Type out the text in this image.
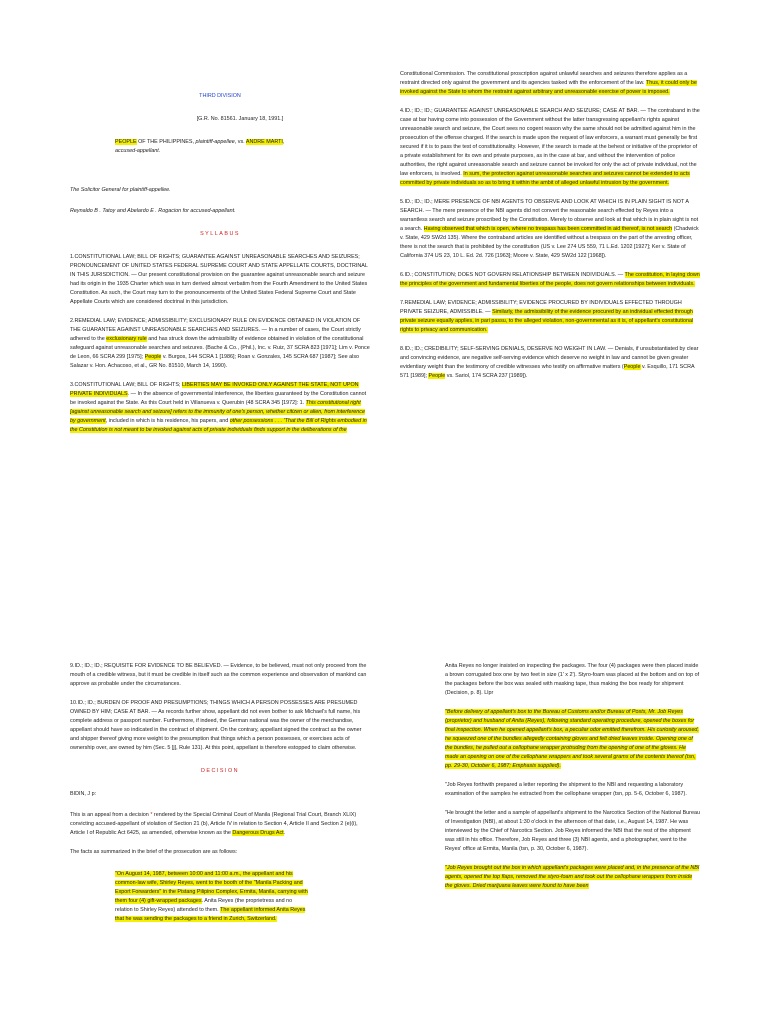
THIRD DIVISION

[G.R. No. 81561. January 18, 1991.]

PEOPLE OF THE PHILIPPINES, plaintiff-appellee, vs. ANDRE MARTI, accused-appellant.

The Solicitor General for plaintiff-appellee.

Reynaldo B . Tatoy and Abelardo E . Rogacion for accused-appellant.

SYLLABUS

1.CONSTITUTIONAL LAW; BILL OF RIGHTS; GUARANTEE AGAINST UNREASONABLE SEARCHES AND SEIZURES; PRONOUNCEMENT OF UNITED STATES FEDERAL SUPREME COURT AND STATE APPELLATE COURTS, DOCTRINAL IN THIS JURISDICTION. — Our present constitutional provision on the guarantee against unreasonable search and seizure had its origin in the 1935 Charter which was in turn derived almost verbatim from the Fourth Amendment to the United States Constitution. As such, the Court may turn to the pronouncements of the United States Federal Supreme Court and State Appellate Courts which are considered doctrinal in this jurisdiction.

2.REMEDIAL LAW; EVIDENCE; ADMISSIBILITY; EXCLUSIONARY RULE ON EVIDENCE OBTAINED IN VIOLATION OF THE GUARANTEE AGAINST UNREASONABLE SEARCHES AND SEIZURES. — In a number of cases, the Court strictly adhered to the exclusionary rule and has struck down the admissibility of evidence obtained in violation of the constitutional safeguard against unreasonable searches and seizures. (Bache & Co., (Phil.), Inc. v. Ruiz, 37 SCRA 823 [1971]; Lim v. Ponce de Leon, 66 SCRA 299 [1975]; People v. Burgos, 144 SCRA 1 [1986]; Roan v. Gonzales, 145 SCRA 687 [1987]; See also Salazar v. Hon. Achacoso, et al., GR No. 81510, March 14, 1990).

3.CONSTITUTIONAL LAW; BILL OF RIGHTS; LIBERTIES MAY BE INVOKED ONLY AGAINST THE STATE, NOT UPON PRIVATE INDIVIDUALS. — In the absence of governmental interference, the liberties guaranteed by the Constitution cannot be invoked against the State. As this Court held in Villanueva v. Querubin (48 SCRA 345 [1972]: 1. This constitutional right [against unreasonable search and seizure] refers to the immunity of one's person, whether citizen or alien, from interference by government, included in which is his residence, his papers, and other possessions . . . 'That the Bill of Rights embodied in the Constitution is not meant to be invoked against acts of private individuals finds support in the deliberations of the

Constitutional Commission. The constitutional proscription against unlawful searches and seizures therefore applies as a restraint directed only against the government and its agencies tasked with the enforcement of the law. Thus, it could only be invoked against the State to whom the restraint against arbitrary and unreasonable exercise of power is imposed.

4.ID.; ID.; ID.; GUARANTEE AGAINST UNREASONABLE SEARCH AND SEIZURE; CASE AT BAR. — The contraband in the case at bar having come into possession of the Government without the latter transgressing appellant's rights against unreasonable search and seizure, the Court sees no cogent reason why the same should not be admitted against him in the prosecution of the offense charged. If the search is made upon the request of law enforcers, a warrant must generally be first secured if it is to pass the test of constitutionality. However, if the search is made at the behest or initiative of the proprietor of a private establishment for its own and private purposes, as in the case at bar, and without the intervention of police authorities, the right against unreasonable search and seizure cannot be invoked for only the act of private individual, not the law enforcers, is involved. In sum, the protection against unreasonable searches and seizures cannot be extended to acts committed by private individuals so as to bring it within the ambit of alleged unlawful intrusion by the government.

5.ID.; ID.; ID.; MERE PRESENCE OF NBI AGENTS TO OBSERVE AND LOOK AT WHICH IS IN PLAIN SIGHT IS NOT A SEARCH. — The mere presence of the NBI agents did not convert the reasonable search effected by Reyes into a warrantless search and seizure proscribed by the Constitution. Merely to observe and look at that which is in plain sight is not a search. Having observed that which is open, where no trespass has been committed in aid thereof, is not search (Chadwick v. State, 429 SW2d 135). Where the contraband articles are identified without a trespass on the part of the arresting officer, there is not the search that is prohibited by the constitution (US v. Lee 274 US 559, 71 L.Ed. 1202 [1927]; Ker v. State of California 374 US 23, 10 L. Ed. 2d. 726 [1963]; Moore v. State, 429 SW2d 122 [1968]).

6.ID.; CONSTITUTION; DOES NOT GOVERN RELATIONSHIP BETWEEN INDIVIDUALS. — The constitution, in laying down the principles of the government and fundamental liberties of the people, does not govern relationships between individuals.

7.REMEDIAL LAW; EVIDENCE; ADMISSIBILITY; EVIDENCE PROCURED BY INDIVIDUALS EFFECTED THROUGH PRIVATE SEIZURE, ADMISSIBLE. — Similarly, the admissibility of the evidence procured by an individual effected through private seizure equally applies, in pari passu, to the alleged violation, non-governmental as it is, of appellant's constitutional rights to privacy and communication.

8.ID.; ID.; CREDIBILITY; SELF-SERVING DENIALS, DESERVE NO WEIGHT IN LAW. — Denials, if unsubstantiated by clear and convincing evidence, are negative self-serving evidence which deserve no weight in law and cannot be given greater evidentiary weight than the testimony of credible witnesses who testify on affirmative matters (People v. Esquillo, 171 SCRA 571 [1989]; People vs. Sariol, 174 SCRA 237 [1989]).

9.ID.; ID.; ID.; REQUISITE FOR EVIDENCE TO BE BELIEVED. — Evidence, to be believed, must not only proceed from the mouth of a credible witness, but it must be credible in itself such as the common experience and observation of mankind can approve as probable under the circumstances.

10.ID.; ID.; BURDEN OF PROOF AND PRESUMPTIONS; THINGS WHICH A PERSON POSSESSES ARE PRESUMED OWNED BY HIM; CASE AT BAR. — As records further show, appellant did not even bother to ask Michael's full name, his complete address or passport number. Furthermore, if indeed, the German national was the owner of the merchandise, appellant should have so indicated in the contract of shipment. On the contrary, appellant signed the contract as the owner and shipper thereof giving more weight to the presumption that things which a person possesses, or exercises acts of ownership over, are owned by him (Sec. 5 [j], Rule 131). At this point, appellant is therefore estopped to claim otherwise.

DECISION

BIDIN, J p:

This is an appeal from a decision * rendered by the Special Criminal Court of Manila (Regional Trial Court, Branch XLIX) convicting accused-appellant of violation of Section 21 (b), Article IV in relation to Section 4, Article II and Section 2 (e)(i), Article I of Republic Act 6425, as amended, otherwise known as the Dangerous Drugs Act.

The facts as summarized in the brief of the prosecution are as follows:

"On August 14, 1987, between 10:00 and 11:00 a.m., the appellant and his common-law wife, Shirley Reyes, went to the booth of the "Manila Packing and Export Forwarders" in the Pistang Pilipino Complex, Ermita, Manila, carrying with them four (4) gift-wrapped packages. Anita Reyes (the proprietress and no relation to Shirley Reyes) attended to them. The appellant informed Anita Reyes that he was sending the packages to a friend in Zurich, Switzerland.

Anita Reyes no longer insisted on inspecting the packages. The four (4) packages were then placed inside a brown corrugated box one by two feet in size (1' x 2'). Styro-foam was placed at the bottom and on top of the packages before the box was sealed with masking tape, thus making the box ready for shipment (Decision, p. 8). Llpr

"Before delivery of appellant's box to the Bureau of Customs and/or Bureau of Posts, Mr. Job Reyes (proprietor) and husband of Anita (Reyes), following standard operating procedure, opened the boxes for final inspection. When he opened appellant's box, a peculiar odor emitted therefrom. His curiosity aroused, he squeezed one of the bundles allegedly containing gloves and felt dried leaves inside. Opening one of the bundles, he pulled out a cellophane wrapper protruding from the opening of one of the gloves. He made an opening on one of the cellophane wrappers and took several grams of the contents thereof (tsn, pp. 29-30, October 6, 1987; Emphasis supplied).

"Job Reyes forthwith prepared a letter reporting the shipment to the NBI and requesting a laboratory examination of the samples he extracted from the cellophane wrapper (tsn, pp. 5-6, October 6, 1987).

"He brought the letter and a sample of appellant's shipment to the Narcotics Section of the National Bureau of Investigation (NBI), at about 1:30 o'clock in the afternoon of that date, i.e., August 14, 1987. He was interviewed by the Chief of Narcotics Section. Job Reyes informed the NBI that the rest of the shipment was still in his office. Therefore, Job Reyes and three (3) NBI agents, and a photographer, went to the Reyes' office at Ermita, Manila (tsn, p. 30, October 6, 1987).

"Job Reyes brought out the box in which appellant's packages were placed and, in the presence of the NBI agents, opened the top flaps, removed the styro-foam and took out the cellophane wrappers from inside the gloves. Dried marijuana leaves were found to have been
